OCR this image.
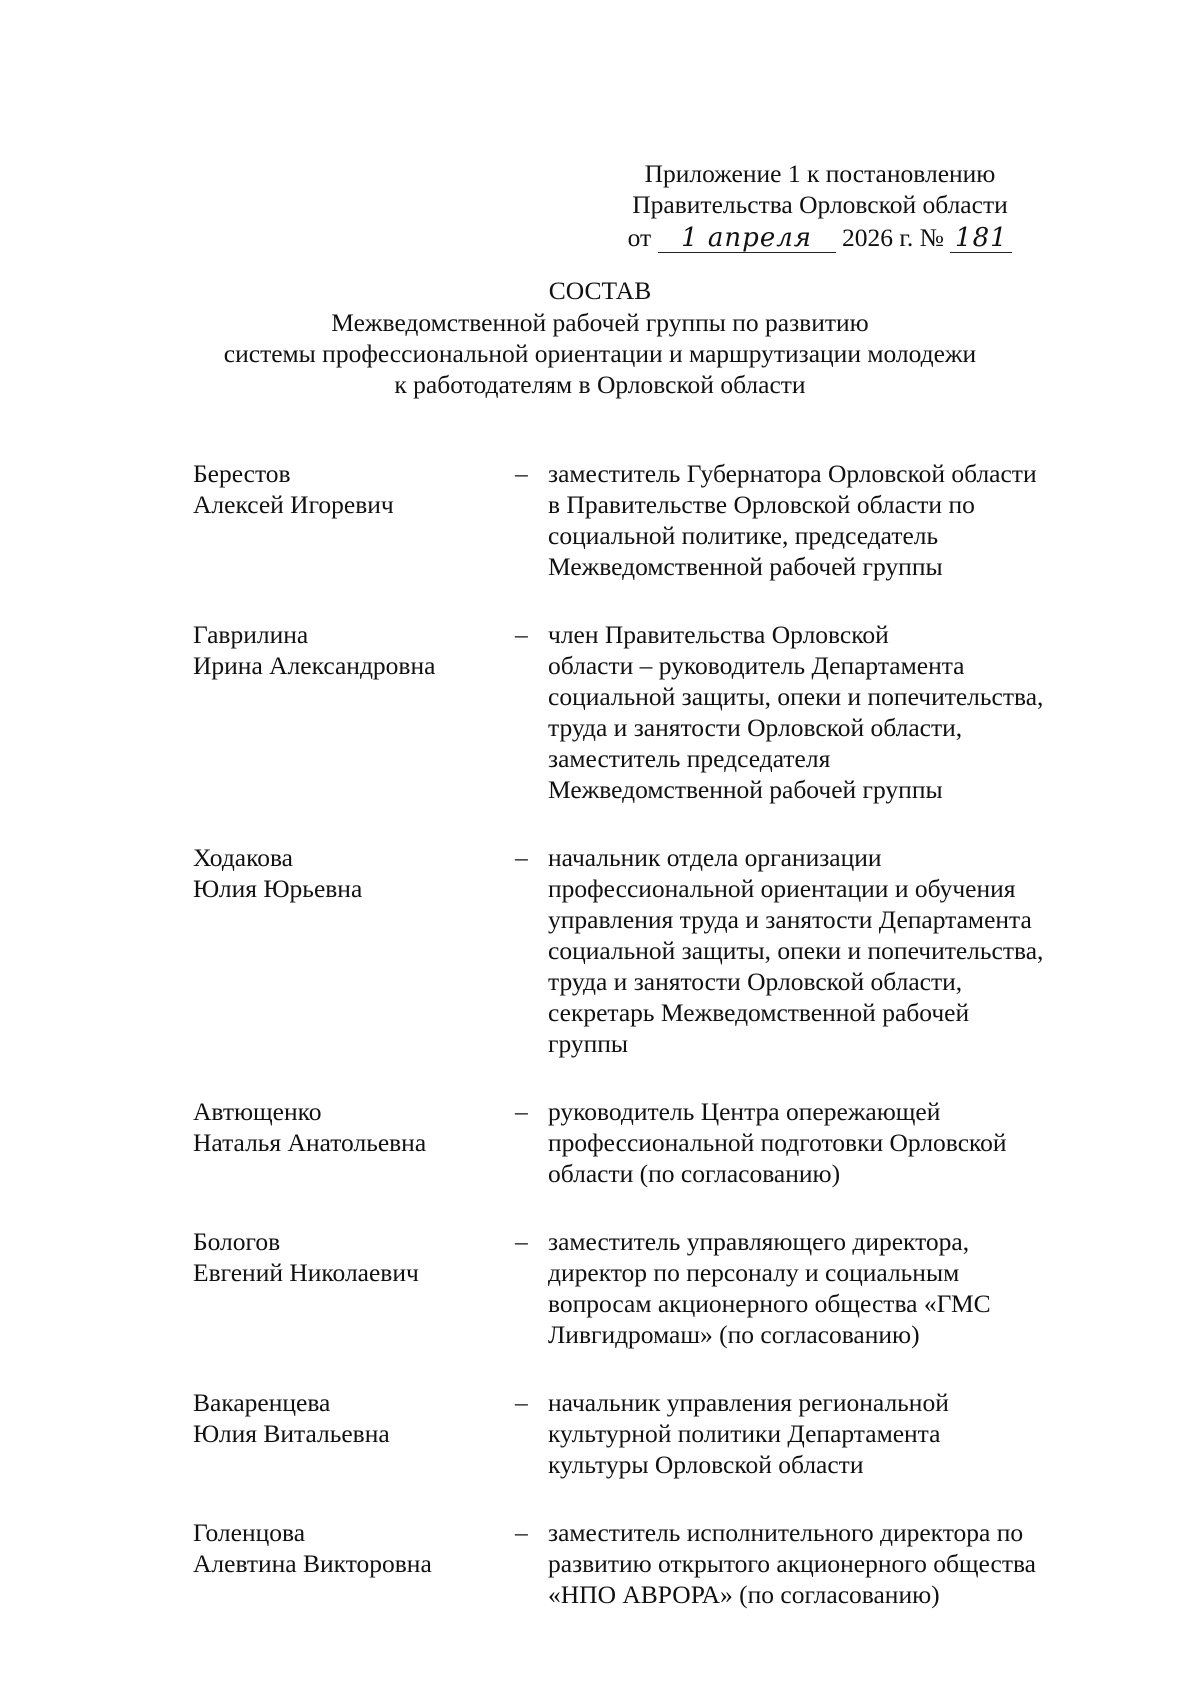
Приложение 1 к постановлению
Правительства Орловской области
от 1 апреля 2026 г. № 181
СОСТАВ
Межведомственной рабочей группы по развитию
системы профессиональной ориентации и маршрутизации молодежи
к работодателям в Орловской области
Берестов
Алексей Игоревич
– заместитель Губернатора Орловской области
в Правительстве Орловской области по
социальной политике, председатель
Межведомственной рабочей группы
Гаврилина
Ирина Александровна
– член Правительства Орловской
области – руководитель Департамента
социальной защиты, опеки и попечительства,
труда и занятости Орловской области,
заместитель председателя
Межведомственной рабочей группы
Ходакова
Юлия Юрьевна
– начальник отдела организации
профессиональной ориентации и обучения
управления труда и занятости Департамента
социальной защиты, опеки и попечительства,
труда и занятости Орловской области,
секретарь Межведомственной рабочей
группы
Автющенко
Наталья Анатольевна
– руководитель Центра опережающей
профессиональной подготовки Орловской
области (по согласованию)
Бологов
Евгений Николаевич
– заместитель управляющего директора,
директор по персоналу и социальным
вопросам акционерного общества «ГМС
Ливгидромаш» (по согласованию)
Вакаренцева
Юлия Витальевна
– начальник управления региональной
культурной политики Департамента
культуры Орловской области
Голенцова
Алевтина Викторовна
– заместитель исполнительного директора по
развитию открытого акционерного общества
«НПО АВРОРА» (по согласованию)
